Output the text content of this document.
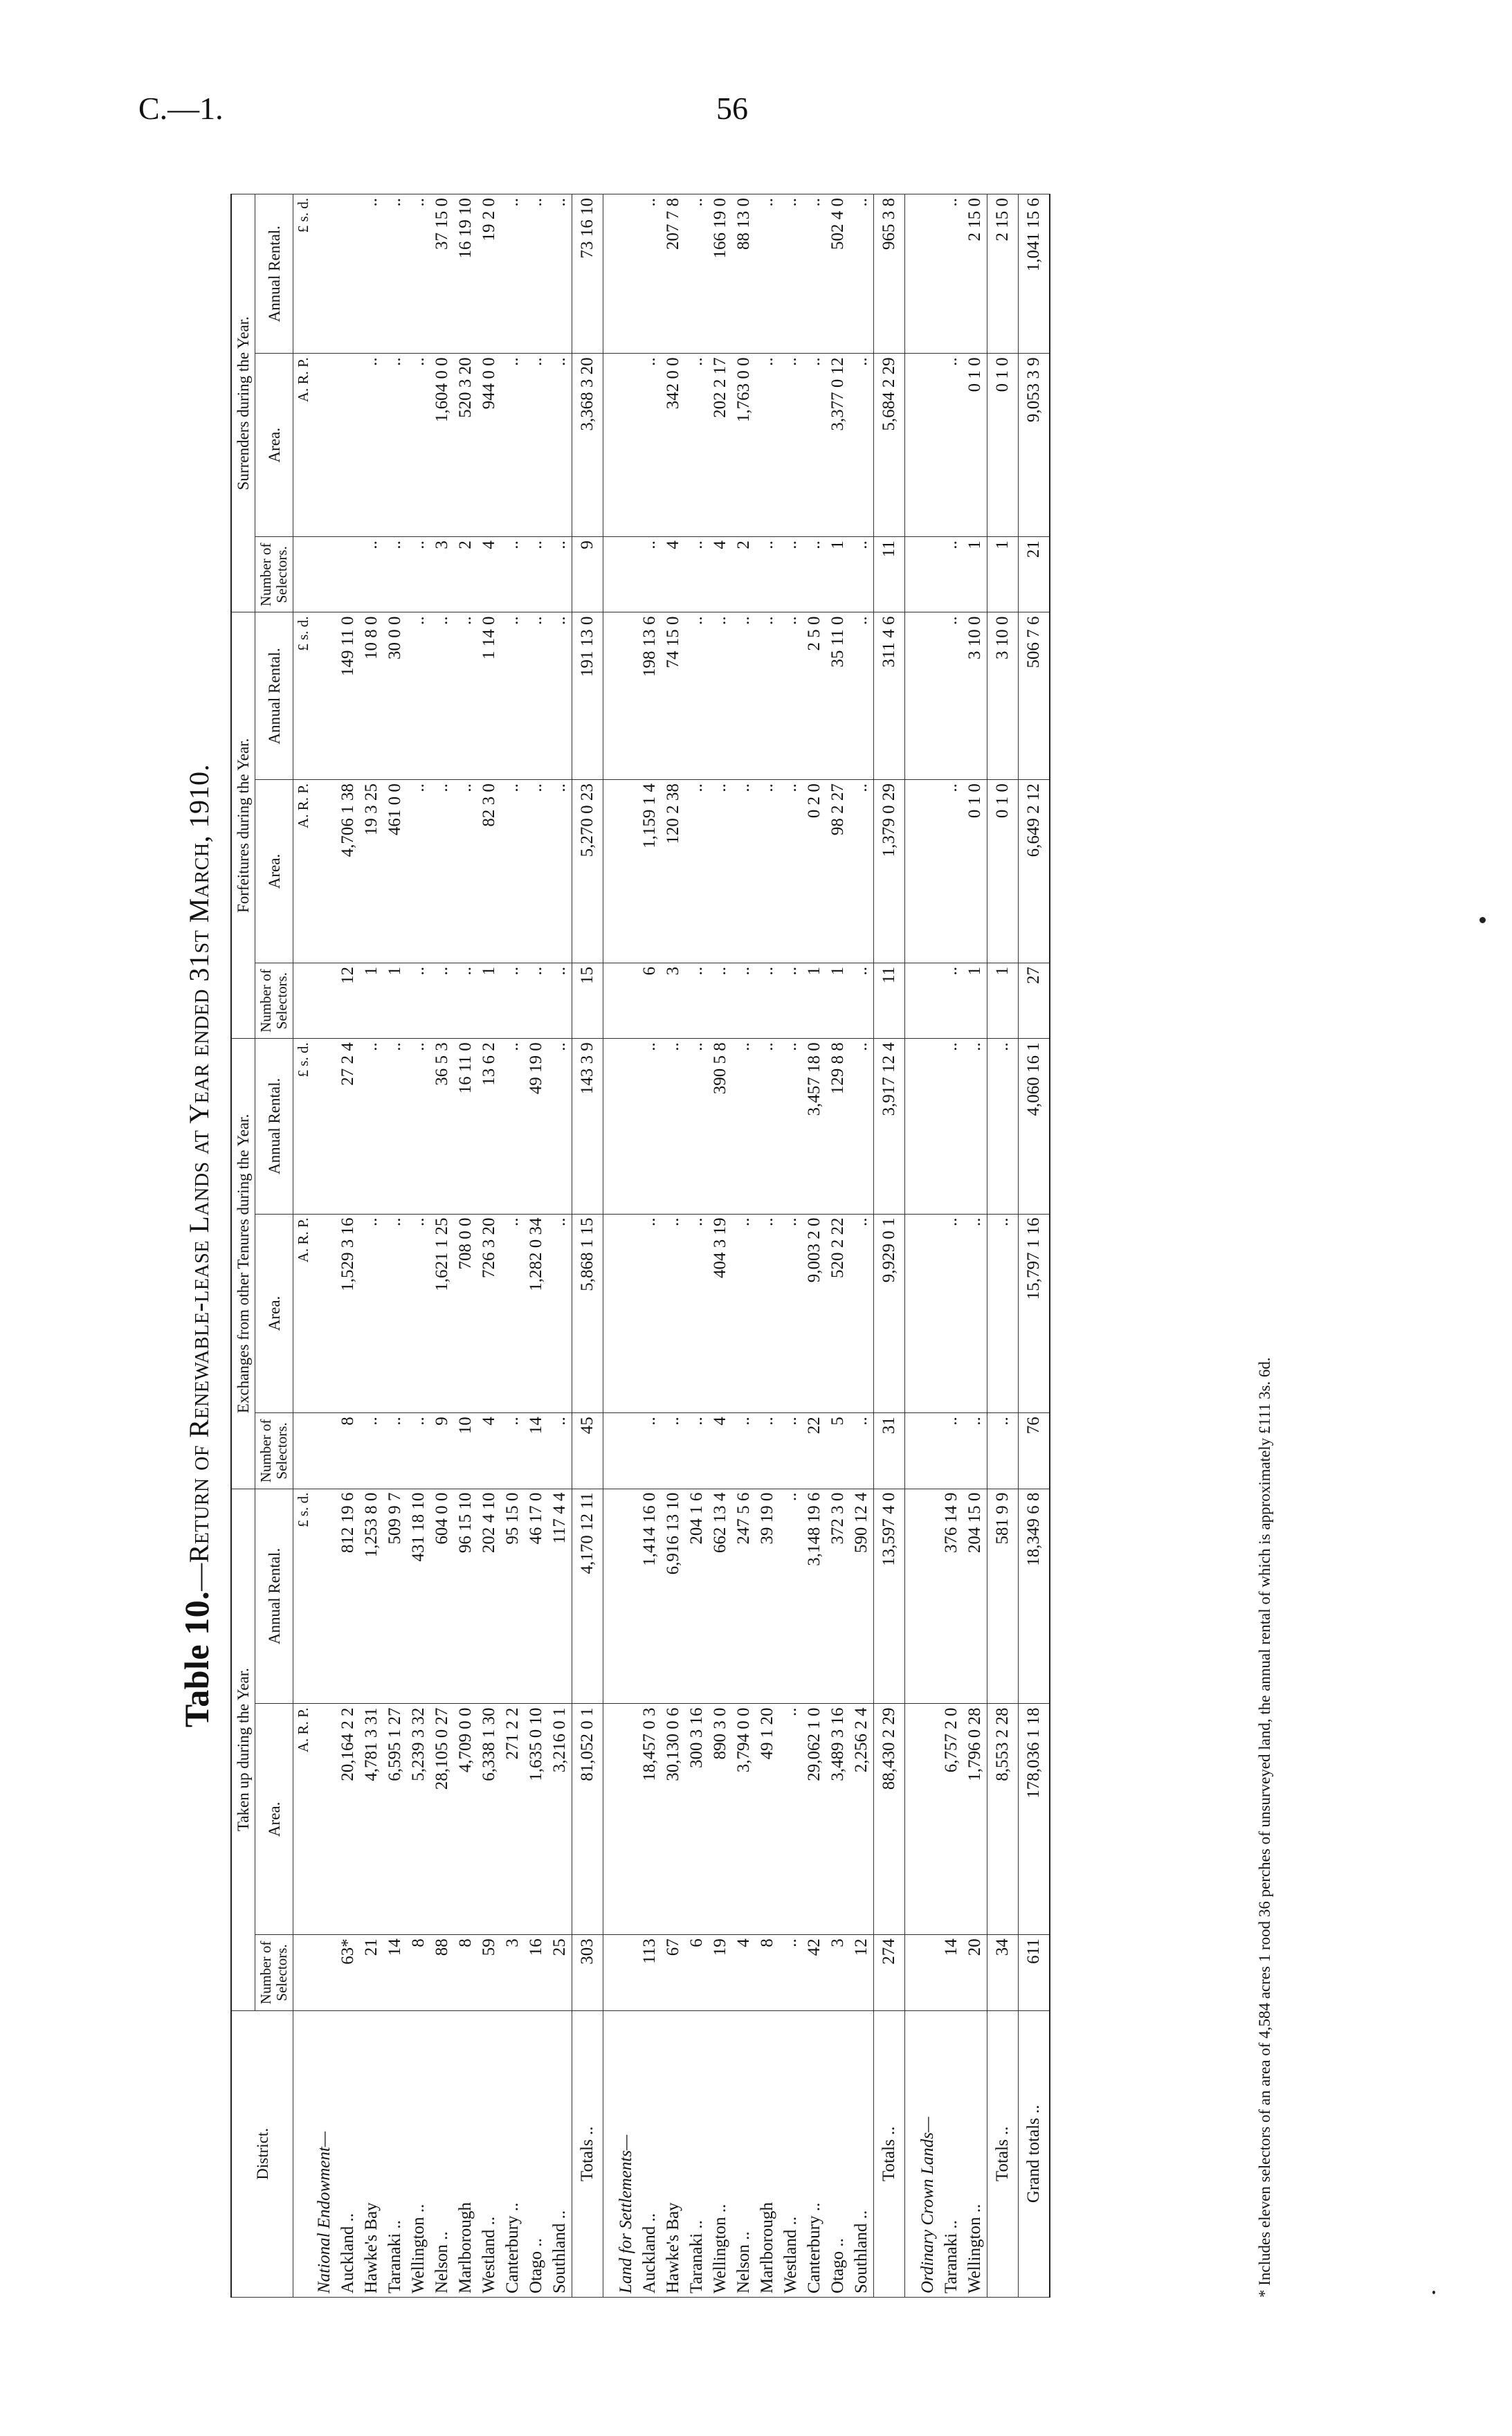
C.—1.	56
Table 10.—Return of Renewable-lease Lands at Year ended 31st March, 1910.
District.	Taken up during the Year.			Exchanges from other Tenures during the Year.			Forfeitures during the Year.			Surrenders during the Year.		
	Number of Selectors.	Area.	Annual Rental.	Number of Selectors.	Area.	Annual Rental.	Number of Selectors.	Area.	Annual Rental.	Number of Selectors.	Area.	Annual Rental.
		A. R. P.	£ s. d.		A. R. P.	£ s. d.		A. R. P.	£ s. d.		A. R. P.	£ s. d.
National Endowment—												
Auckland ..	63*	20,164 2 2	812 19 6	8	1,529 3 16	27 2 4	12	4,706 1 38	149 11 0			
Hawke's Bay	21	4,781 3 31	1,253 8 0	..	..	..	1	19 3 25	10 8 0	..	..	..
Taranaki ..	14	6,595 1 27	509 9 7	..	..	..	1	461 0 0	30 0 0	..	..	..
Wellington ..	8	5,239 3 32	431 18 10	..	..	..	..	..	..	..	..	..
Nelson ..	88	28,105 0 27	604 0 0	9	1,621 1 25	36 5 3	..	..	..	3	1,604 0 0	37 15 0
Marlborough	8	4,709 0 0	96 15 10	10	708 0 0	16 11 0	..	..	..	2	520 3 20	16 19 10
Westland ..	59	6,338 1 30	202 4 10	4	726 3 20	13 6 2	1	82 3 0	1 14 0	4	944 0 0	19 2 0
Canterbury ..	3	271 2 2	95 15 0	..	..	..	..	..	..	..	..	..
Otago ..	16	1,635 0 10	46 17 0	14	1,282 0 34	49 19 0	..	..	..	..	..	..
Southland ..	25	3,216 0 1	117 4 4	..	..	..	..	..	..	..	..	..
Totals ..	303	81,052 0 1	4,170 12 11	45	5,868 1 15	143 3 9	15	5,270 0 23	191 13 0	9	3,368 3 20	73 16 10

Land for Settlements—												
Auckland ..	113	18,457 0 3	1,414 16 0	..	..	..	6	1,159 1 4	198 13 6	..	..	..
Hawke's Bay	67	30,130 0 6	6,916 13 10	..	..	..	3	120 2 38	74 15 0	4	342 0 0	207 7 8
Taranaki ..	6	300 3 16	204 1 6	..	..	..	..	..	..	..	..	..
Wellington ..	19	890 3 0	662 13 4	4	404 3 19	390 5 8	..	..	..	4	202 2 17	166 19 0
Nelson ..	4	3,794 0 0	247 5 6	..	..	..	..	..	..	2	1,763 0 0	88 13 0
Marlborough	8	49 1 20	39 19 0	..	..	..	..	..	..	..	..	..
Westland ..	..	..	..	..	..	..	..	..	..	..	..	..
Canterbury ..	42	29,062 1 0	3,148 19 6	22	9,003 2 0	3,457 18 0	1	0 2 0	2 5 0	..	..	..
Otago ..	3	3,489 3 16	372 3 0	5	520 2 22	129 8 8	1	98 2 27	35 11 0	1	3,377 0 12	502 4 0
Southland ..	12	2,256 2 4	590 12 4	..	..	..	..	..	..	..	..	..
Totals ..	274	88,430 2 29	13,597 4 0	31	9,929 0 1	3,917 12 4	11	1,379 0 29	311 4 6	11	5,684 2 29	965 3 8

Ordinary Crown Lands—												
Taranaki ..	14	6,757 2 0	376 14 9	..	..	..	..	..	..	..	..	..
Wellington ..	20	1,796 0 28	204 15 0	..	..	..	1	0 1 0	3 10 0	1	0 1 0	2 15 0
Totals ..	34	8,553 2 28	581 9 9	..	..	..	1	0 1 0	3 10 0	1	0 1 0	2 15 0
Grand totals ..	611	178,036 1 18	18,349 6 8	76	15,797 1 16	4,060 16 1	27	6,649 2 12	506 7 6	21	9,053 3 9	1,041 15 6
* Includes eleven selectors of an area of 4,584 acres 1 rood 36 perches of unsurveyed land, the annual rental of which is approximately £111 3s. 6d.
